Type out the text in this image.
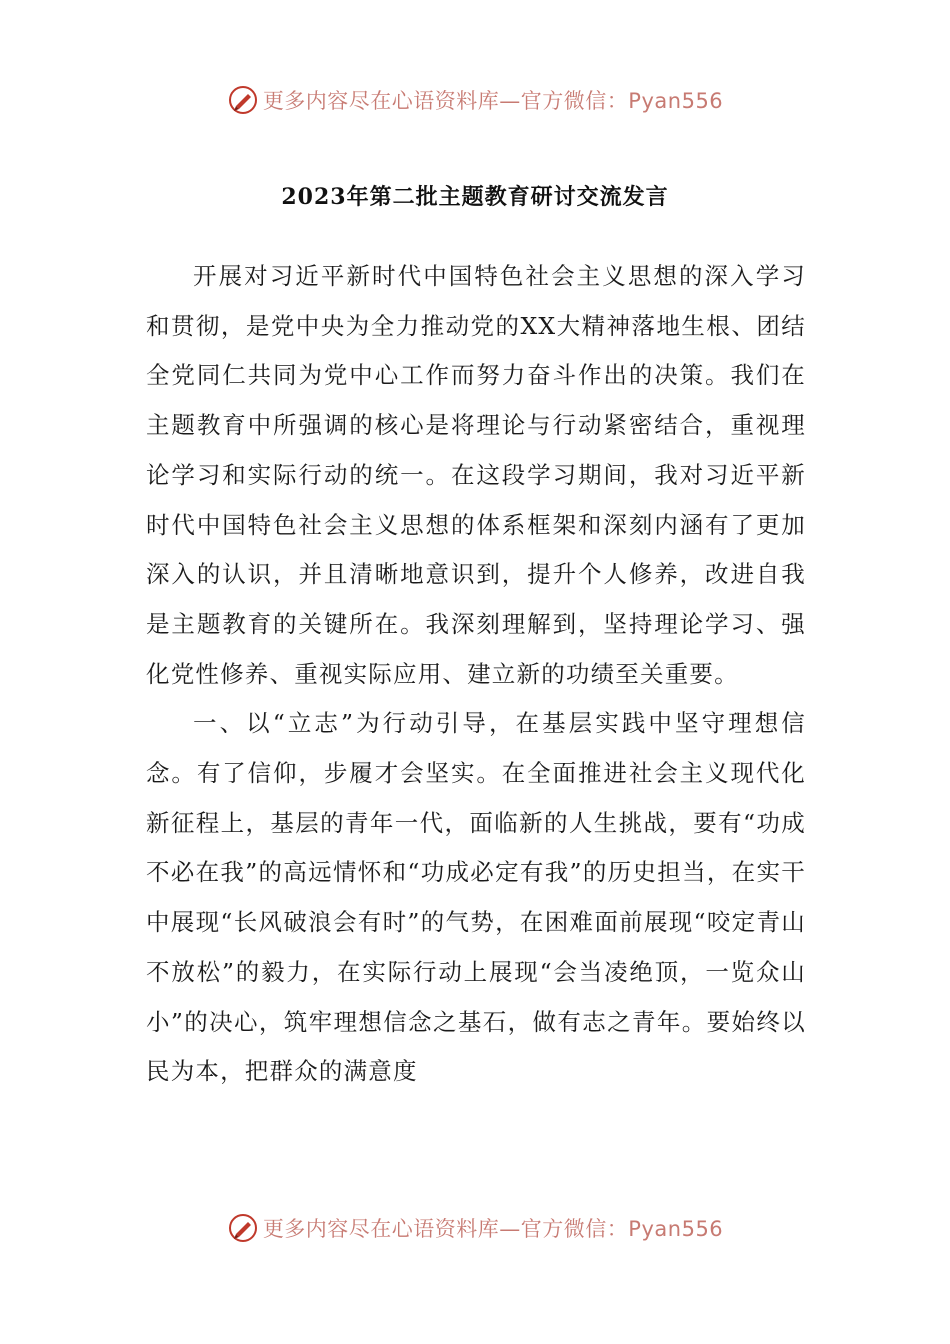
更多内容尽在心语资料库—官方微信：Pyan556
2023年第二批主题教育研讨交流发言

开展对习近平新时代中国特色社会主义思想的深入学习和贯彻，是党中央为全力推动党的XX大精神落地生根、团结全党同仁共同为党中心工作而努力奋斗作出的决策。我们在主题教育中所强调的核心是将理论与行动紧密结合，重视理论学习和实际行动的统一。在这段学习期间，我对习近平新时代中国特色社会主义思想的体系框架和深刻内涵有了更加深入的认识，并且清晰地意识到，提升个人修养，改进自我是主题教育的关键所在。我深刻理解到，坚持理论学习、强化党性修养、重视实际应用、建立新的功绩至关重要。

一、以“立志”为行动引导，在基层实践中坚守理想信念。有了信仰，步履才会坚实。在全面推进社会主义现代化新征程上，基层的青年一代，面临新的人生挑战，要有“功成不必在我”的高远情怀和“功成必定有我”的历史担当，在实干中展现“长风破浪会有时”的气势，在困难面前展现“咬定青山不放松”的毅力，在实际行动上展现“会当凌绝顶，一览众山小”的决心，筑牢理想信念之基石，做有志之青年。要始终以民为本，把群众的满意度

更多内容尽在心语资料库—官方微信：Pyan556
